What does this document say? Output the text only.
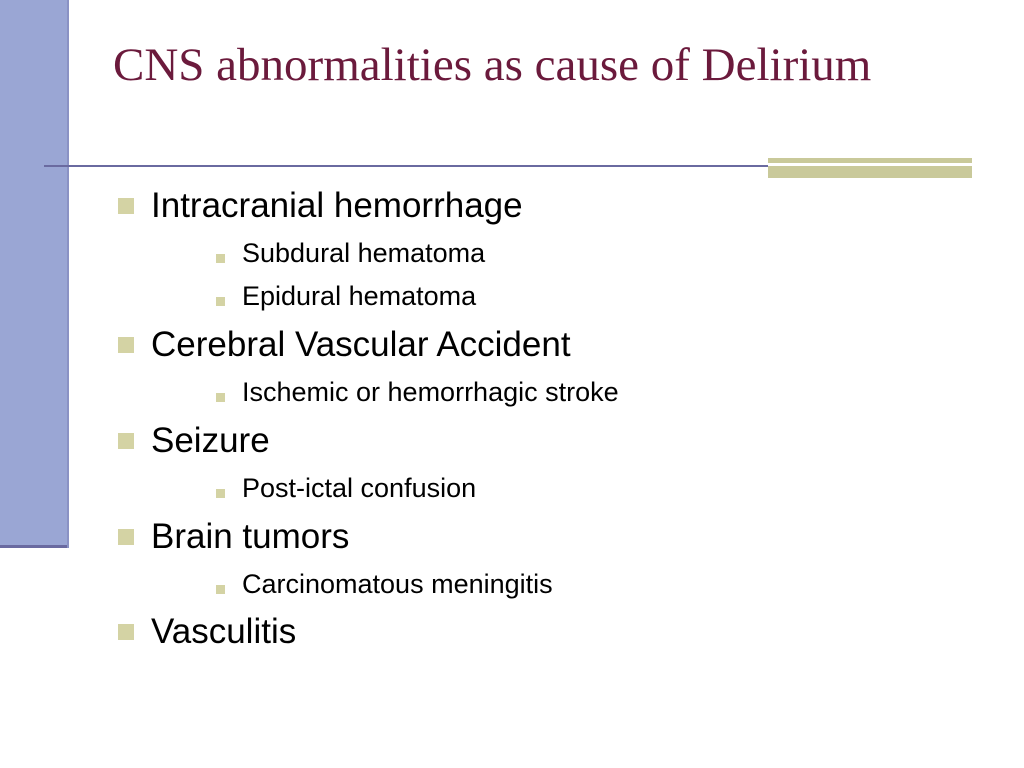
CNS abnormalities as cause of Delirium
Intracranial hemorrhage
Subdural hematoma
Epidural hematoma
Cerebral Vascular Accident
Ischemic or hemorrhagic stroke
Seizure
Post-ictal confusion
Brain tumors
Carcinomatous meningitis
Vasculitis
